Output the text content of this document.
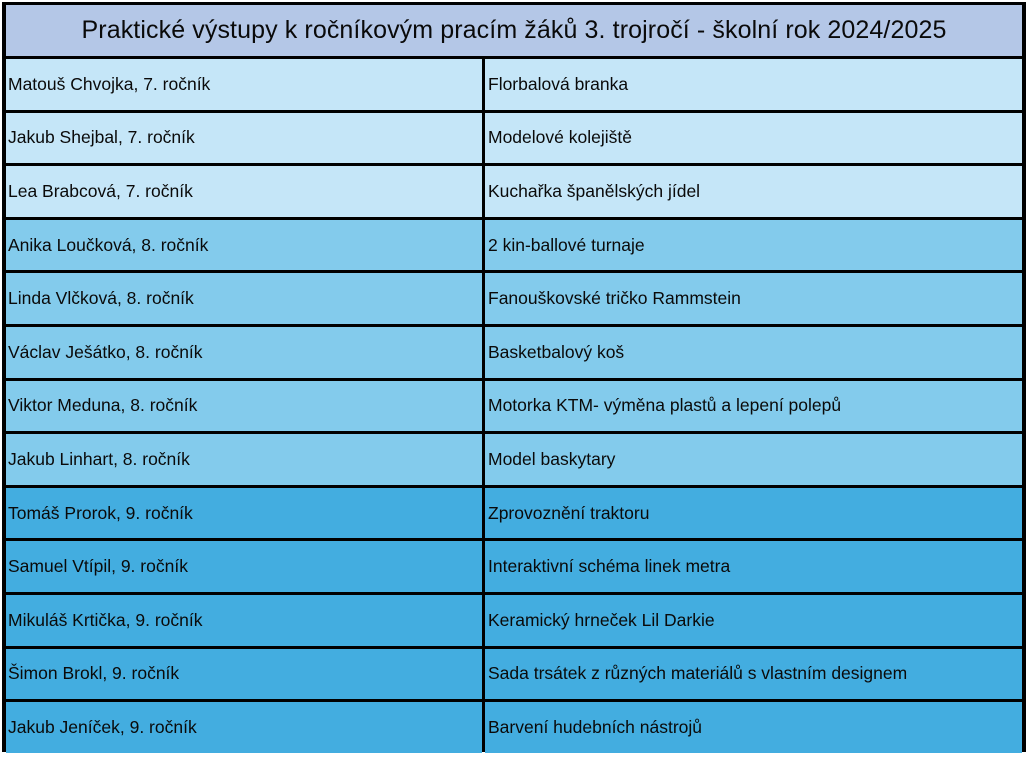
Praktické výstupy k ročníkovým pracím žáků 3. trojročí - školní rok 2024/2025
Matouš Chvojka, 7. ročník	Florbalová branka
Jakub Shejbal, 7. ročník	Modelové kolejiště
Lea Brabcová, 7. ročník	Kuchařka španělských jídel
Anika Loučková, 8. ročník	2 kin-ballové turnaje
Linda Vlčková, 8. ročník	Fanouškovské tričko Rammstein
Václav Ješátko, 8. ročník	Basketbalový koš
Viktor Meduna, 8. ročník	Motorka KTM- výměna plastů a lepení polepů
Jakub Linhart, 8. ročník	Model baskytary
Tomáš Prorok, 9. ročník	Zprovoznění traktoru
Samuel Vtípil, 9. ročník	Interaktivní schéma linek metra
Mikuláš Krtička, 9. ročník	Keramický hrneček Lil Darkie
Šimon Brokl, 9. ročník	Sada trsátek z různých materiálů s vlastním designem
Jakub Jeníček, 9. ročník	Barvení hudebních nástrojů
